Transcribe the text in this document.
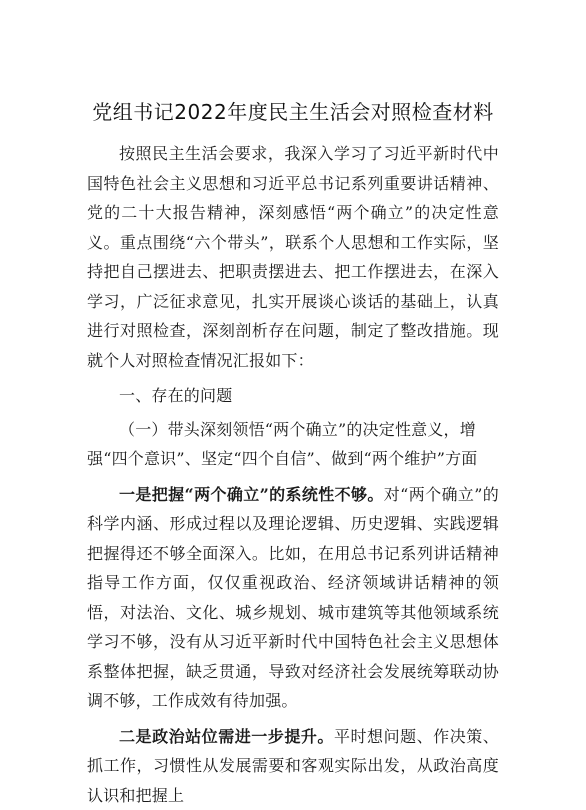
党组书记2022年度民主生活会对照检查材料

按照民主生活会要求，我深入学习了习近平新时代中国特色社会主义思想和习近平总书记系列重要讲话精神、党的二十大报告精神，深刻感悟“两个确立”的决定性意义。重点围绕“六个带头”，联系个人思想和工作实际，坚持把自己摆进去、把职责摆进去、把工作摆进去，在深入学习，广泛征求意见，扎实开展谈心谈话的基础上，认真进行对照检查，深刻剖析存在问题，制定了整改措施。现就个人对照检查情况汇报如下：

一、存在的问题

（一）带头深刻领悟“两个确立”的决定性意义，增强“四个意识”、坚定“四个自信”、做到“两个维护”方面

一是把握“两个确立”的系统性不够。对“两个确立”的科学内涵、形成过程以及理论逻辑、历史逻辑、实践逻辑把握得还不够全面深入。比如，在用总书记系列讲话精神指导工作方面，仅仅重视政治、经济领域讲话精神的领悟，对法治、文化、城乡规划、城市建筑等其他领域系统学习不够，没有从习近平新时代中国特色社会主义思想体系整体把握，缺乏贯通，导致对经济社会发展统筹联动协调不够，工作成效有待加强。

二是政治站位需进一步提升。平时想问题、作决策、抓工作，习惯性从发展需要和客观实际出发，从政治高度认识和把握上
